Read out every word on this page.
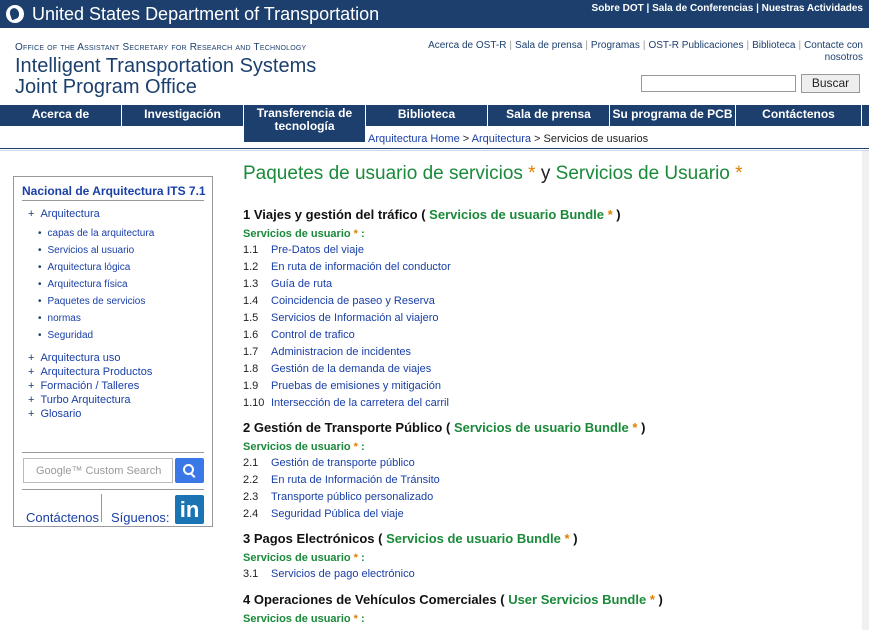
United States Department of Transportation	Sobre DOT | Sala de Conferencias | Nuestras Actividades
Office of the Assistant Secretary for Research and Technology
Intelligent Transportation Systems
Joint Program Office
Acerca de OST-R | Sala de prensa | Programas | OST-R Publicaciones | Biblioteca | Contacte con
nosotros
Buscar
Acerca de	Investigación	Transferencia de tecnología
Biblioteca	Sala de prensa	Su programa de PCB	Contáctenos
Arquitectura Home > Arquitectura > Servicios de usuarios
Nacional de Arquitectura ITS 7.1
+ Arquitectura
• capas de la arquitectura
• Servicios al usuario
• Arquitectura lógica
• Arquitectura física
• Paquetes de servicios
• normas
• Seguridad
+ Arquitectura uso
+ Arquitectura Productos
+ Formación / Talleres
+ Turbo Arquitectura
+ Glosario
Google™ Custom Search
Contáctenos Síguenos: in
Paquetes de usuario de servicios * y Servicios de Usuario *
1 Viajes y gestión del tráfico ( Servicios de usuario Bundle * )
Servicios de usuario * :
1.1 Pre-Datos del viaje
1.2 En ruta de información del conductor
1.3 Guía de ruta
1.4 Coincidencia de paseo y Reserva
1.5 Servicios de Información al viajero
1.6 Control de trafico
1.7 Administracion de incidentes
1.8 Gestión de la demanda de viajes
1.9 Pruebas de emisiones y mitigación
1.10 Intersección de la carretera del carril
2 Gestión de Transporte Público ( Servicios de usuario Bundle * )
Servicios de usuario * :
2.1 Gestión de transporte público
2.2 En ruta de Información de Tránsito
2.3 Transporte público personalizado
2.4 Seguridad Pública del viaje
3 Pagos Electrónicos ( Servicios de usuario Bundle * )
Servicios de usuario * :
3.1 Servicios de pago electrónico
4 Operaciones de Vehículos Comerciales ( User Servicios Bundle * )
Servicios de usuario * :
